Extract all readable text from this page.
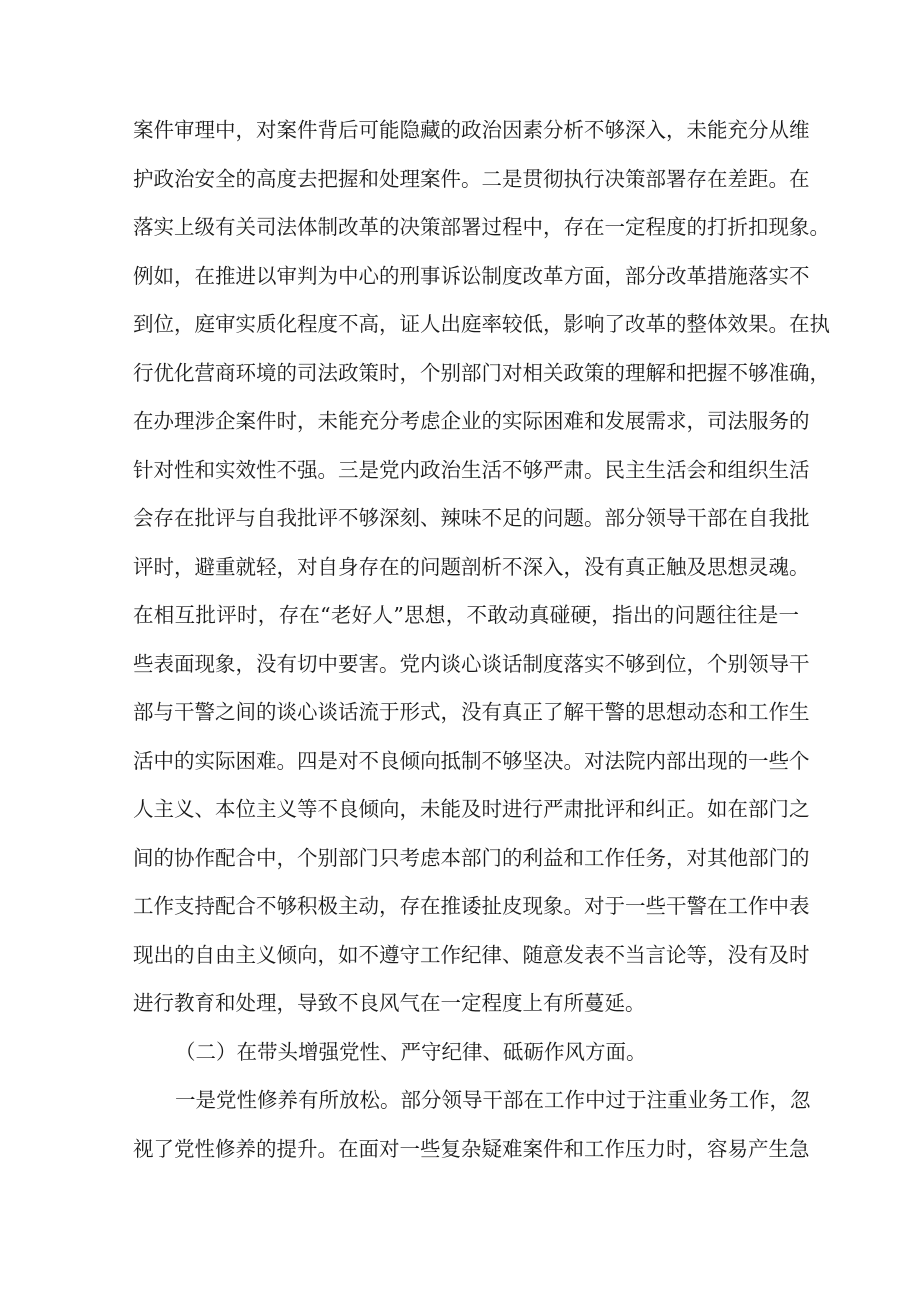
案件审理中，对案件背后可能隐藏的政治因素分析不够深入，未能充分从维
护政治安全的高度去把握和处理案件。二是贯彻执行决策部署存在差距。在
落实上级有关司法体制改革的决策部署过程中，存在一定程度的打折扣现象。
例如，在推进以审判为中心的刑事诉讼制度改革方面，部分改革措施落实不
到位，庭审实质化程度不高，证人出庭率较低，影响了改革的整体效果。在执
行优化营商环境的司法政策时，个别部门对相关政策的理解和把握不够准确，
在办理涉企案件时，未能充分考虑企业的实际困难和发展需求，司法服务的
针对性和实效性不强。三是党内政治生活不够严肃。民主生活会和组织生活
会存在批评与自我批评不够深刻、辣味不足的问题。部分领导干部在自我批
评时，避重就轻，对自身存在的问题剖析不深入，没有真正触及思想灵魂。
在相互批评时，存在“老好人”思想，不敢动真碰硬，指出的问题往往是一
些表面现象，没有切中要害。党内谈心谈话制度落实不够到位，个别领导干
部与干警之间的谈心谈话流于形式，没有真正了解干警的思想动态和工作生
活中的实际困难。四是对不良倾向抵制不够坚决。对法院内部出现的一些个
人主义、本位主义等不良倾向，未能及时进行严肃批评和纠正。如在部门之
间的协作配合中，个别部门只考虑本部门的利益和工作任务，对其他部门的
工作支持配合不够积极主动，存在推诿扯皮现象。对于一些干警在工作中表
现出的自由主义倾向，如不遵守工作纪律、随意发表不当言论等，没有及时
进行教育和处理，导致不良风气在一定程度上有所蔓延。
（二）在带头增强党性、严守纪律、砥砺作风方面。
一是党性修养有所放松。部分领导干部在工作中过于注重业务工作，忽
视了党性修养的提升。在面对一些复杂疑难案件和工作压力时，容易产生急
